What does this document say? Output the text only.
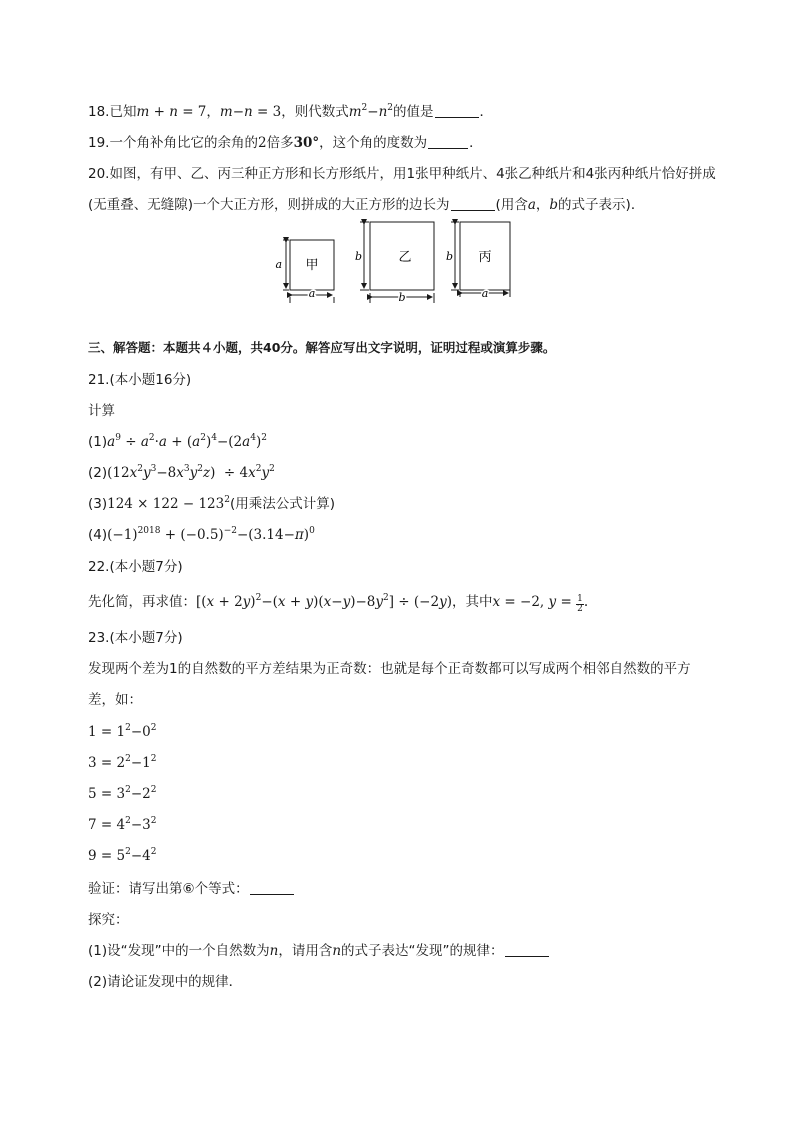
18.已知m + n = 7，m−n = 3，则代数式$m^2-n^2$的值是	．
19.一个角补角比它的余角的2倍多30°，这个角的度数为	．
20.如图，有甲、乙、丙三种正方形和长方形纸片，用1张甲种纸片、4张乙种纸片和4张丙种纸片恰好拼成
(无重叠、无缝隙)一个大正方形，则拼成的大正方形的边长为	(用含a，b的式子表示)．
甲
a
a
乙
b
b
丙
b
a
三、解答题：本题共４小题，共40分。解答应写出文字说明，证明过程或演算步骤。
21.(本小题16分)
计算
$(1)a^9 \div a^2\cdot a + (a^2)^4-(2a^4)^2$
$(2)(12x^2y^3-8x^3y^2z) \div 4x^2y^2$
$(3)124 \times 122 - 123^2$(用乘法公式计算)
$(4)(-1)^{2018} + (-0.5)^{-2}-(3.14-\pi)^0$
22.(本小题7分)
先化简，再求值：$[(x + 2y)^2-(x + y)(x-y)-8y^2] \div (-2y)$，其中x = −2, $y = \frac{1}{2}$ .
23.(本小题7分)
发现两个差为1的自然数的平方差结果为正奇数：也就是每个正奇数都可以写成两个相邻自然数的平方
差，如：
$1 = 1^2-0^2$
$3 = 2^2-1^2$
$5 = 3^2-2^2$
$7 = 4^2-3^2$
$9 = 5^2-4^2$
验证：请写出第⑥个等式：
探究：
(1)设“发现”中的一个自然数为n，请用含n的式子表达“发现”的规律：
(2)请论证发现中的规律．
